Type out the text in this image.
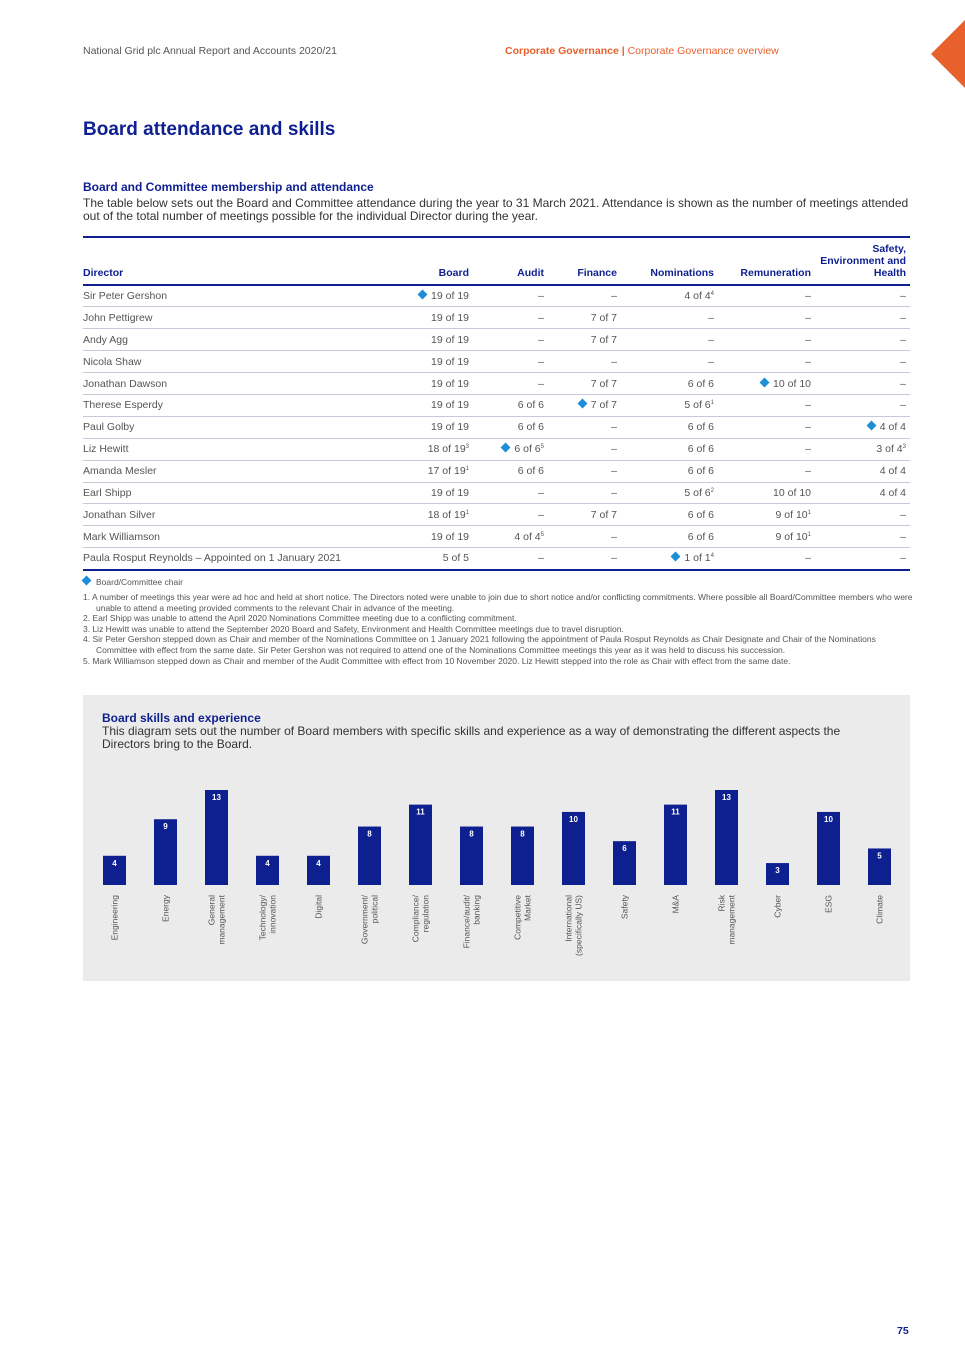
National Grid plc Annual Report and Accounts 2020/21	Corporate Governance | Corporate Governance overview
Board attendance and skills
Board and Committee membership and attendance

The table below sets out the Board and Committee attendance during the year to 31 March 2021. Attendance is shown as the number of meetings attended out of the total number of meetings possible for the individual Director during the year.

Director	Board	Audit	Finance	Nominations	Remuneration	Safety, Environment and Health
Sir Peter Gershon	19 of 19	–	–	4 of $4^4$	–	–
John Pettigrew	19 of 19	–	7 of 7	–	–	–
Andy Agg	19 of 19	–	7 of 7	–	–	–
Nicola Shaw	19 of 19	–	–	–	–	–
Jonathan Dawson	19 of 19	–	7 of 7	6 of 6	10 of 10	–
Therese Esperdy	19 of 19	6 of 6	7 of 7	5 of $6^1$	–	–
Paul Golby	19 of 19	6 of 6	–	6 of 6	–	4 of 4
Liz Hewitt	18 of $19^3$	6 of $6^5$	–	6 of 6	–	3 of $4^3$
Amanda Mesler	17 of $19^1$	6 of 6	–	6 of 6	–	4 of 4
Earl Shipp	19 of 19	–	–	5 of $6^2$	10 of 10	4 of 4
Jonathan Silver	18 of $19^1$	–	7 of 7	6 of 6	9 of $10^1$	–
Mark Williamson	19 of 19	4 of $4^5$	–	6 of 6	9 of $10^1$	–
Paula Rosput Reynolds – Appointed on 1 January 2021	5 of 5	–	–	1 of $1^4$	–	–
Board/Committee chair
1. A number of meetings this year were ad hoc and held at short notice. The Directors noted were unable to join due to short notice and/or conflicting commitments. Where possible all Board/Committee members who were unable to attend a meeting provided comments to the relevant Chair in advance of the meeting.
2. Earl Shipp was unable to attend the April 2020 Nominations Committee meeting due to a conflicting commitment.
3. Liz Hewitt was unable to attend the September 2020 Board and Safety, Environment and Health Committee meetings due to travel disruption.
4. Sir Peter Gershon stepped down as Chair and member of the Nominations Committee on 1 January 2021 following the appointment of Paula Rosput Reynolds as Chair Designate and Chair of the Nominations Committee with effect from the same date. Sir Peter Gershon was not required to attend one of the Nominations Committee meetings this year as it was held to discuss his succession.
5. Mark Williamson stepped down as Chair and member of the Audit Committee with effect from 10 November 2020. Liz Hewitt stepped into the role as Chair with effect from the same date.
4
Engineering
9
Energy
13
General management
4
Technology/ innovation
4
Digital
8
Government/ political
11
Compliance/ regulation
8
Finance/audit/ banking
8
Competitive Market
10
International (specifically US)
6
Safety
11
M&A
13
Risk management
3
Cyber
10
ESG
5
Climate
Board skills and experience

This diagram sets out the number of Board members with specific skills and experience as a way of demonstrating the different aspects the Directors bring to the Board.

75
